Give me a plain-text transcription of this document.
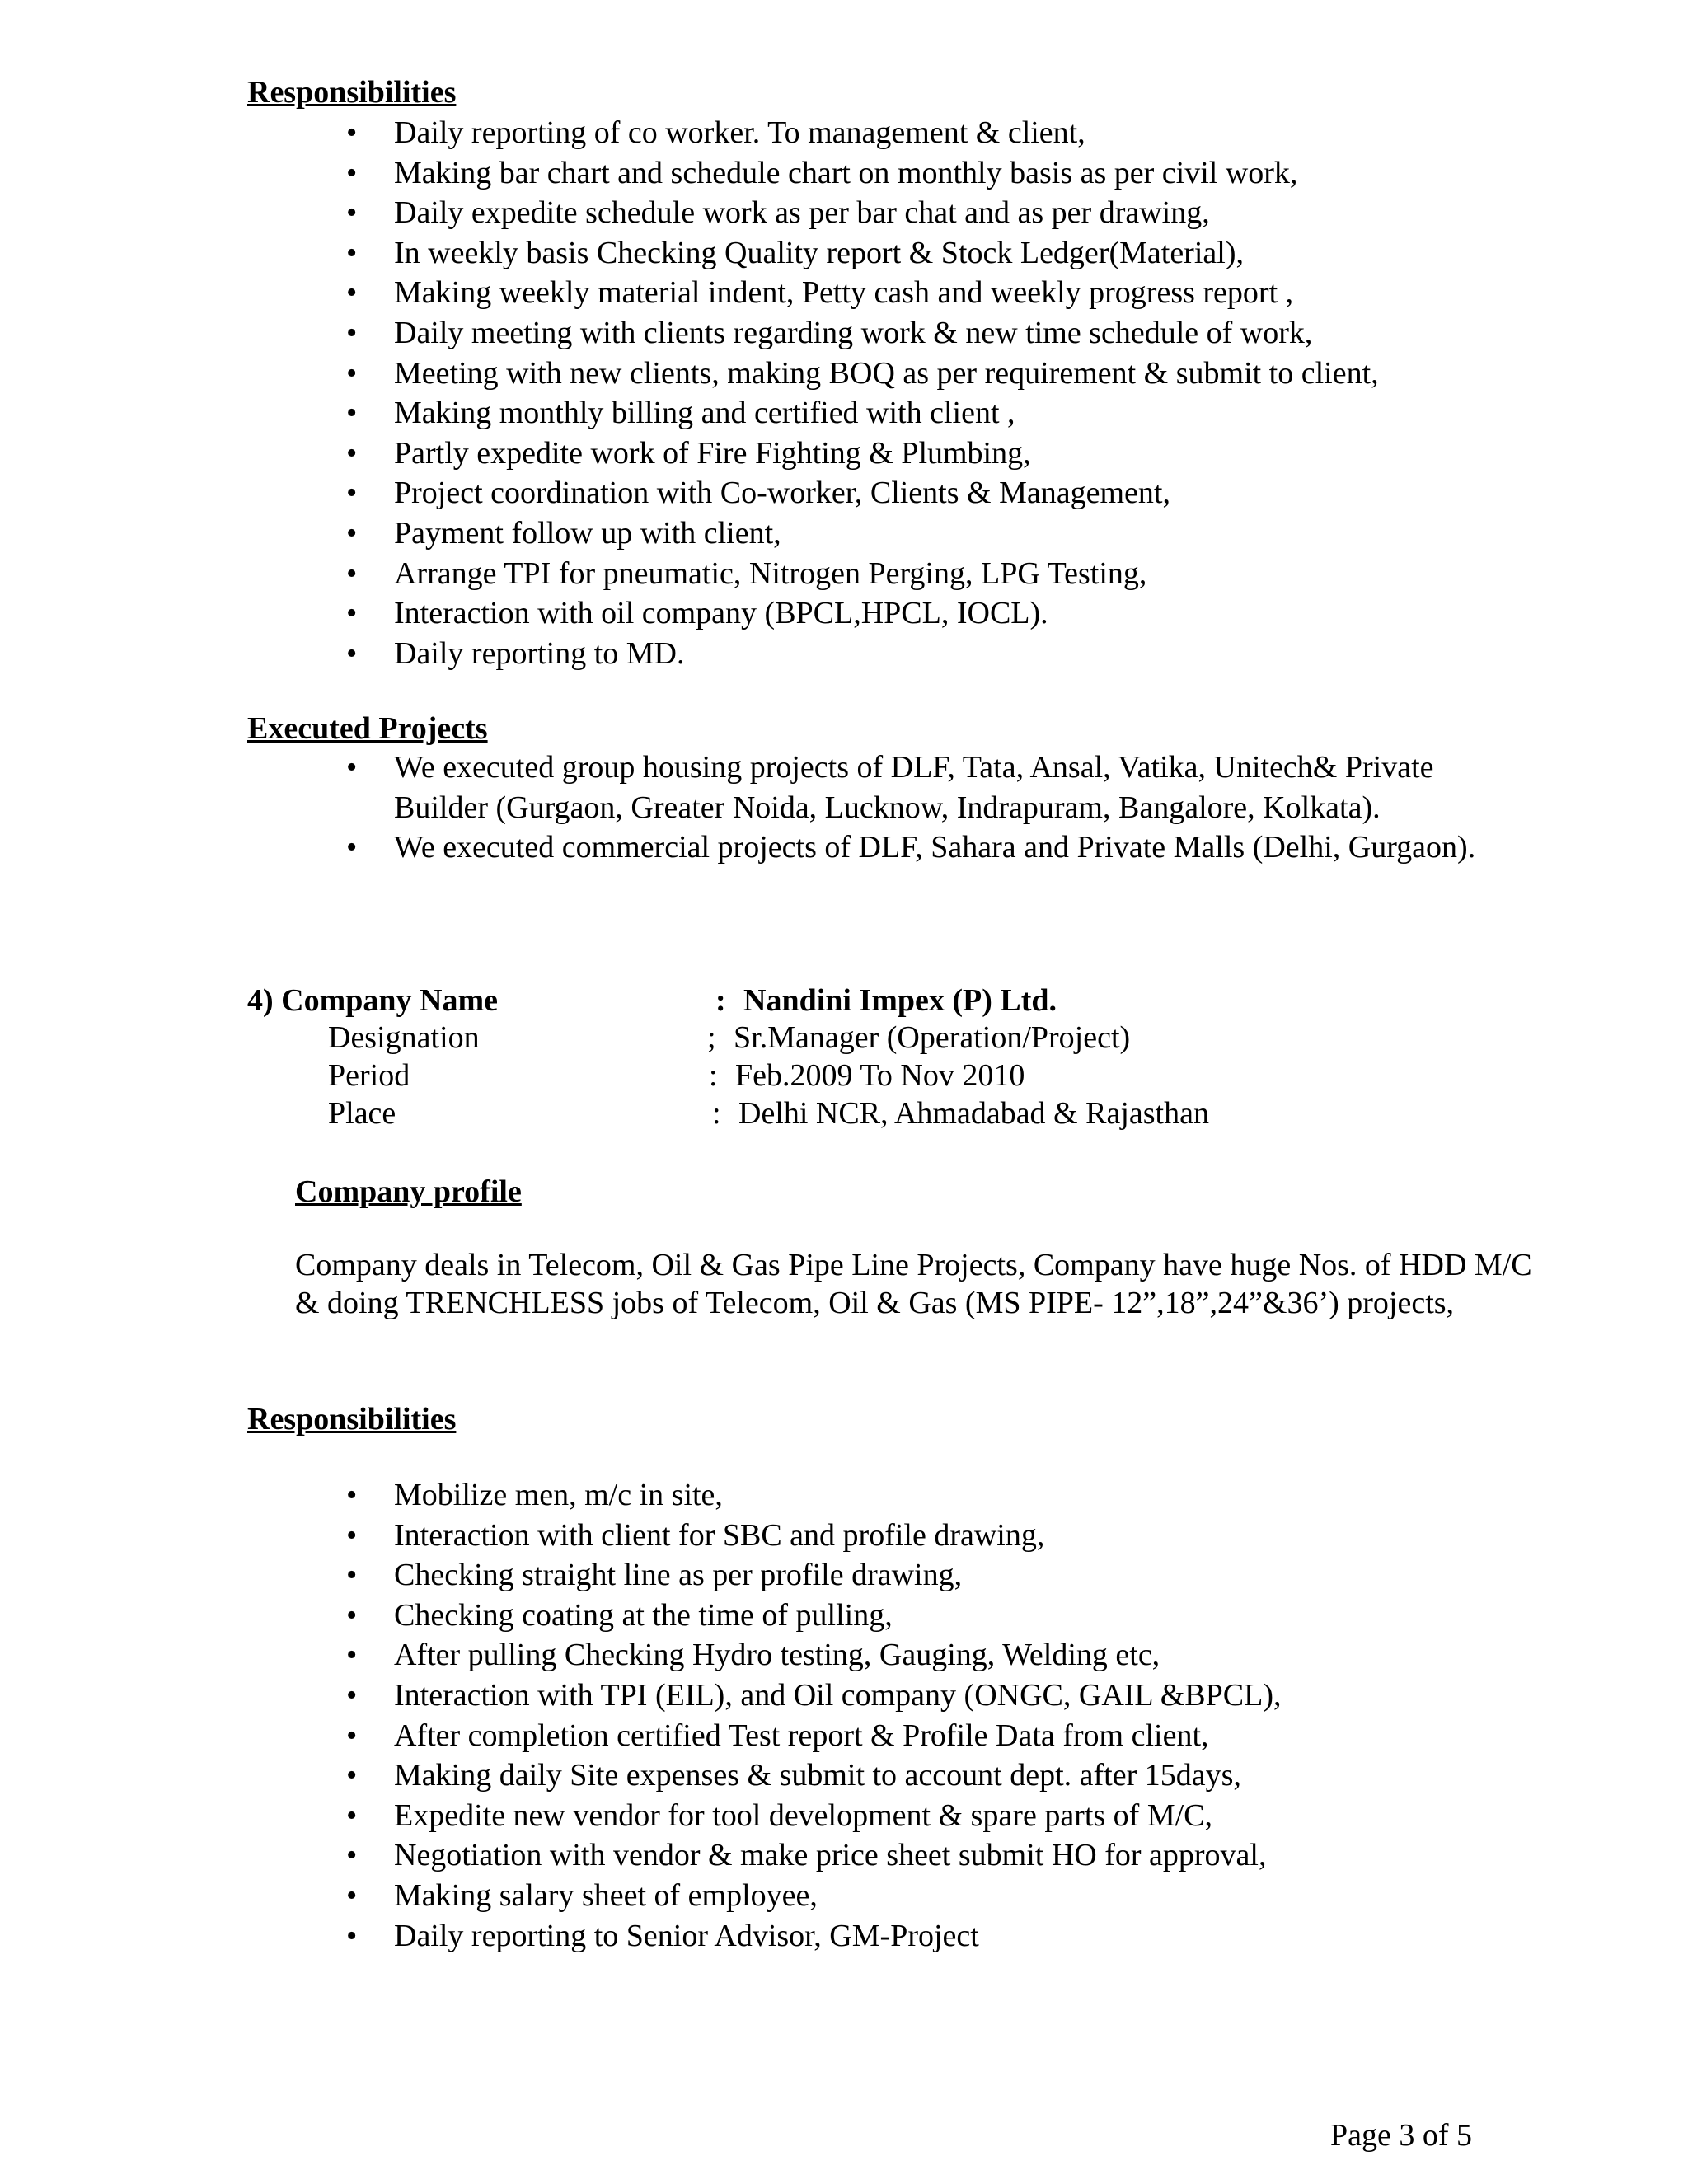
Responsibilities
• Daily reporting of co worker. To management & client,
• Making bar chart and schedule chart on monthly basis as per civil work,
• Daily expedite schedule work as per bar chat and as per drawing,
• In weekly basis Checking Quality report & Stock Ledger(Material),
• Making weekly material indent, Petty cash and weekly progress report ,
• Daily meeting with clients regarding work & new time schedule of work,
• Meeting with new clients, making BOQ as per requirement & submit to client,
• Making monthly billing and certified with client ,
• Partly expedite work of Fire Fighting & Plumbing,
• Project coordination with Co-worker, Clients & Management,
• Payment follow up with client,
• Arrange TPI for pneumatic, Nitrogen Perging, LPG Testing,
• Interaction with oil company (BPCL,HPCL, IOCL).
• Daily reporting to MD.
Executed Projects
• We executed group housing projects of DLF, Tata, Ansal, Vatika, Unitech& Private Builder (Gurgaon, Greater Noida, Lucknow, Indrapuram, Bangalore, Kolkata).
• We executed commercial projects of DLF, Sahara and Private Malls (Delhi, Gurgaon).
4) Company Name	: Nandini Impex (P) Ltd.
Designation	; Sr.Manager (Operation/Project)
Period	: Feb.2009 To Nov 2010
Place	: Delhi NCR, Ahmadabad & Rajasthan
Company profile
Company deals in Telecom, Oil & Gas Pipe Line Projects, Company have huge Nos. of HDD M/C & doing TRENCHLESS jobs of Telecom, Oil & Gas (MS PIPE- 12”,18”,24”&36’) projects,
Responsibilities
• Mobilize men, m/c in site,
• Interaction with client for SBC and profile drawing,
• Checking straight line as per profile drawing,
• Checking coating at the time of pulling,
• After pulling Checking Hydro testing, Gauging, Welding etc,
• Interaction with TPI (EIL), and Oil company (ONGC, GAIL &BPCL),
• After completion certified Test report & Profile Data from client,
• Making daily Site expenses & submit to account dept. after 15days,
• Expedite new vendor for tool development & spare parts of M/C,
• Negotiation with vendor & make price sheet submit HO for approval,
• Making salary sheet of employee,
• Daily reporting to Senior Advisor, GM-Project
Page 3 of 5
